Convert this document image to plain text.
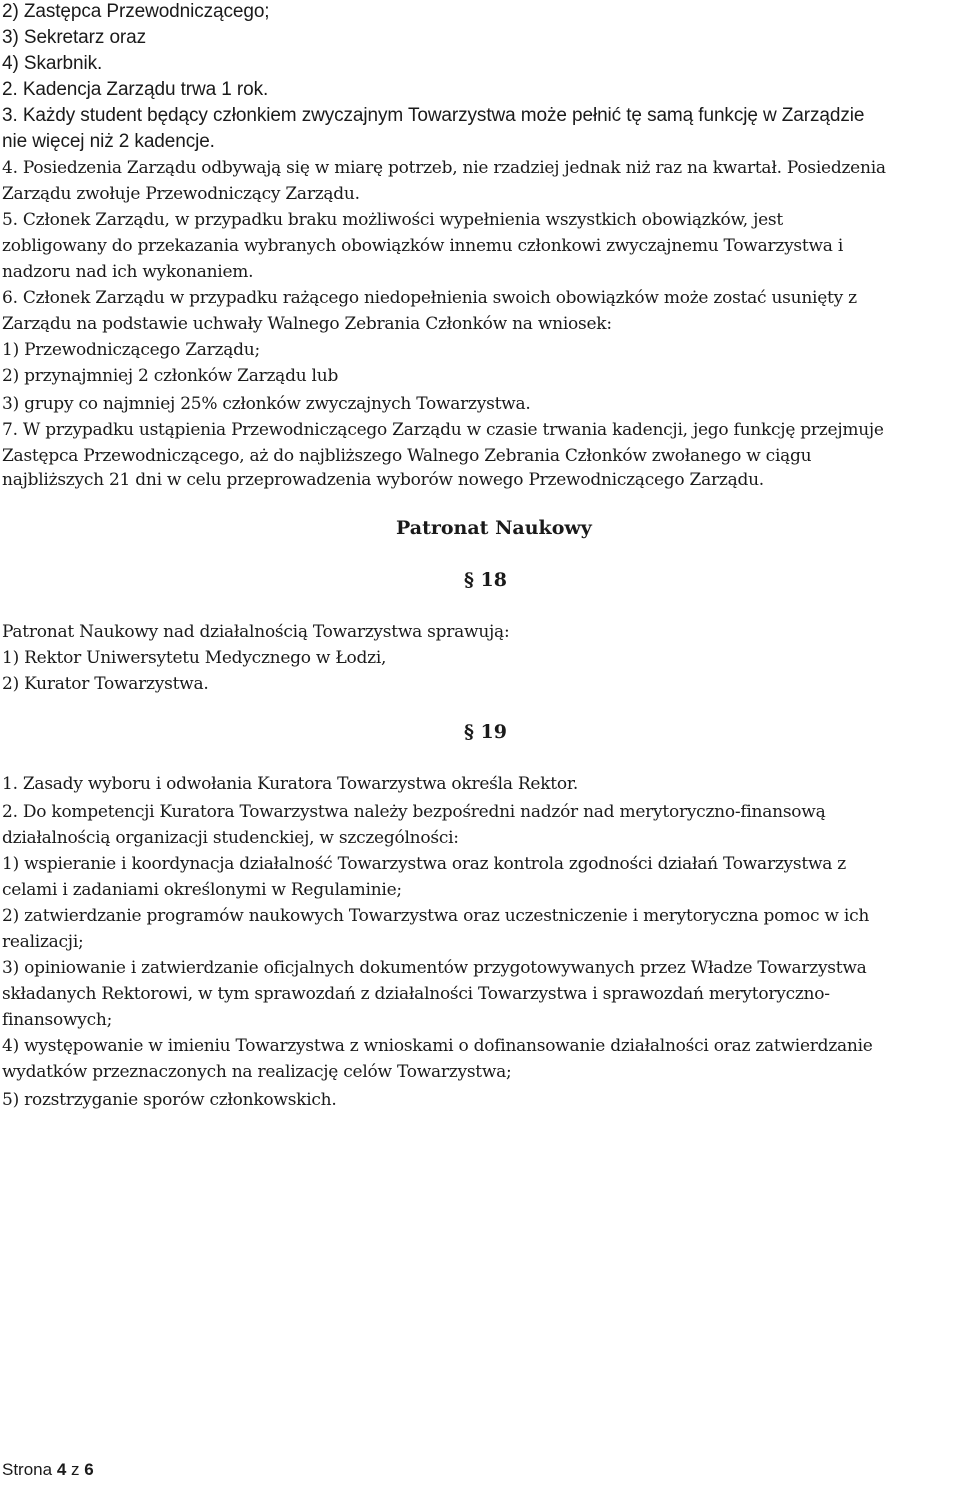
2) Zastępca Przewodniczącego;

3) Sekretarz oraz

4) Skarbnik.

2. Kadencja Zarządu trwa 1 rok.

3. Każdy student będący członkiem zwyczajnym Towarzystwa może pełnić tę samą funkcję w Zarządzie

nie więcej niż 2 kadencje.

4. Posiedzenia Zarządu odbywają się w miarę potrzeb, nie rzadziej jednak niż raz na kwartał. Posiedzenia

Zarządu zwołuje Przewodniczący Zarządu.

5. Członek Zarządu, w przypadku braku możliwości wypełnienia wszystkich obowiązków, jest

zobligowany do przekazania wybranych obowiązków innemu członkowi zwyczajnemu Towarzystwa i

nadzoru nad ich wykonaniem.

6. Członek Zarządu w przypadku rażącego niedopełnienia swoich obowiązków może zostać usunięty z

Zarządu na podstawie uchwały Walnego Zebrania Członków na wniosek:

1) Przewodniczącego Zarządu;

2) przynajmniej 2 członków Zarządu lub

3) grupy co najmniej 25% członków zwyczajnych Towarzystwa.

7. W przypadku ustąpienia Przewodniczącego Zarządu w czasie trwania kadencji, jego funkcję przejmuje

Zastępca Przewodniczącego, aż do najbliższego Walnego Zebrania Członków zwołanego w ciągu

najbliższych 21 dni w celu przeprowadzenia wyborów nowego Przewodniczącego Zarządu.

Patronat Naukowy

§ 18

Patronat Naukowy nad działalnością Towarzystwa sprawują:

1) Rektor Uniwersytetu Medycznego w Łodzi,

2) Kurator Towarzystwa.

§ 19

1. Zasady wyboru i odwołania Kuratora Towarzystwa określa Rektor.

2. Do kompetencji Kuratora Towarzystwa należy bezpośredni nadzór nad merytoryczno-finansową

działalnością organizacji studenckiej, w szczególności:

1) wspieranie i koordynacja działalność Towarzystwa oraz kontrola zgodności działań Towarzystwa z

celami i zadaniami określonymi w Regulaminie;

2) zatwierdzanie programów naukowych Towarzystwa oraz uczestniczenie i merytoryczna pomoc w ich

realizacji;

3) opiniowanie i zatwierdzanie oficjalnych dokumentów przygotowywanych przez Władze Towarzystwa

składanych Rektorowi, w tym sprawozdań z działalności Towarzystwa i sprawozdań merytoryczno-

finansowych;

4) występowanie w imieniu Towarzystwa z wnioskami o dofinansowanie działalności oraz zatwierdzanie

wydatków przeznaczonych na realizację celów Towarzystwa;

5) rozstrzyganie sporów członkowskich.

Strona 4 z 6
